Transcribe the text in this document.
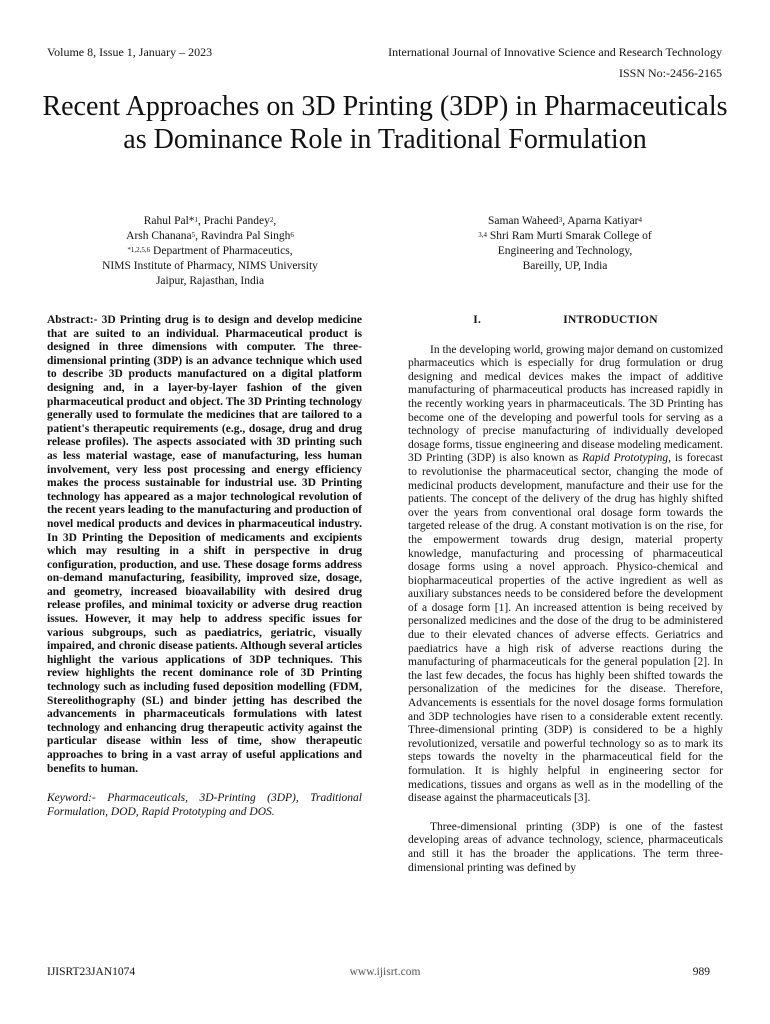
Volume 8, Issue 1, January – 2023	International Journal of Innovative Science and Research Technology
ISSN No:-2456-2165
Recent Approaches on 3D Printing (3DP) in Pharmaceuticals as Dominance Role in Traditional Formulation
Rahul Pal*$^1$, Prachi Pandey$^2$,
Arsh Chanana$^5$, Ravindra Pal Singh$^6$
$^{*1,2,5,6}$ Department of Pharmaceutics,
NIMS Institute of Pharmacy, NIMS University
Jaipur, Rajasthan, India
Saman Waheed$^3$, Aparna Katiyar$^4$
$^{3,4}$ Shri Ram Murti Smarak College of
Engineering and Technology,
Bareilly, UP, India
Abstract:- 3D Printing drug is to design and develop medicine that are suited to an individual. Pharmaceutical product is designed in three dimensions with computer. The three-dimensional printing (3DP) is an advance technique which used to describe 3D products manufactured on a digital platform designing and, in a layer-by-layer fashion of the given pharmaceutical product and object. The 3D Printing technology generally used to formulate the medicines that are tailored to a patient's therapeutic requirements (e.g., dosage, drug and drug release profiles). The aspects associated with 3D printing such as less material wastage, ease of manufacturing, less human involvement, very less post processing and energy efficiency makes the process sustainable for industrial use. 3D Printing technology has appeared as a major technological revolution of the recent years leading to the manufacturing and production of novel medical products and devices in pharmaceutical industry. In 3D Printing the Deposition of medicaments and excipients which may resulting in a shift in perspective in drug configuration, production, and use. These dosage forms address on-demand manufacturing, feasibility, improved size, dosage, and geometry, increased bioavailability with desired drug release profiles, and minimal toxicity or adverse drug reaction issues. However, it may help to address specific issues for various subgroups, such as paediatrics, geriatric, visually impaired, and chronic disease patients. Although several articles highlight the various applications of 3DP techniques. This review highlights the recent dominance role of 3D Printing technology such as including fused deposition modelling (FDM, Stereolithography (SL) and binder jetting has described the advancements in pharmaceuticals formulations with latest technology and enhancing drug therapeutic activity against the particular disease within less of time, show therapeutic approaches to bring in a vast array of useful applications and benefits to human.
Keyword:- Pharmaceuticals, 3D-Printing (3DP), Traditional Formulation, DOD, Rapid Prototyping and DOS.
I.	INTRODUCTION

In the developing world, growing major demand on customized pharmaceutics which is especially for drug formulation or drug designing and medical devices makes the impact of additive manufacturing of pharmaceutical products has increased rapidly in the recently working years in pharmaceuticals. The 3D Printing has become one of the developing and powerful tools for serving as a technology of precise manufacturing of individually developed dosage forms, tissue engineering and disease modeling medicament. 3D Printing (3DP) is also known as Rapid Prototyping, is forecast to revolutionise the pharmaceutical sector, changing the mode of medicinal products development, manufacture and their use for the patients. The concept of the delivery of the drug has highly shifted over the years from conventional oral dosage form towards the targeted release of the drug. A constant motivation is on the rise, for the empowerment towards drug design, material property knowledge, manufacturing and processing of pharmaceutical dosage forms using a novel approach. Physico-chemical and biopharmaceutical properties of the active ingredient as well as auxiliary substances needs to be considered before the development of a dosage form [1]. An increased attention is being received by personalized medicines and the dose of the drug to be administered due to their elevated chances of adverse effects. Geriatrics and paediatrics have a high risk of adverse reactions during the manufacturing of pharmaceuticals for the general population [2]. In the last few decades, the focus has highly been shifted towards the personalization of the medicines for the disease. Therefore, Advancements is essentials for the novel dosage forms formulation and 3DP technologies have risen to a considerable extent recently. Three-dimensional printing (3DP) is considered to be a highly revolutionized, versatile and powerful technology so as to mark its steps towards the novelty in the pharmaceutical field for the formulation. It is highly helpful in engineering sector for medications, tissues and organs as well as in the modelling of the disease against the pharmaceuticals [3].

Three-dimensional printing (3DP) is one of the fastest developing areas of advance technology, science, pharmaceuticals and still it has the broader the applications. The term three-dimensional printing was defined by

IJISRT23JAN1074	www.ijisrt.com	989
